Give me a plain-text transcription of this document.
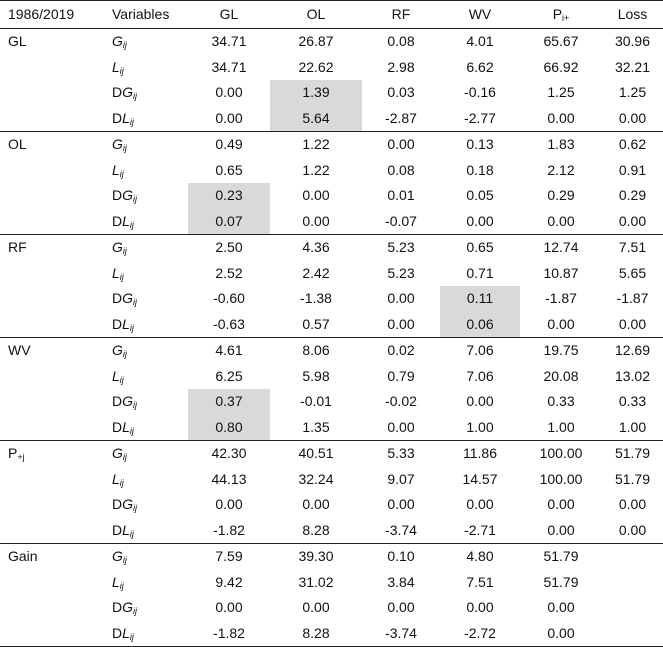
1986/2019	Variables	GL	OL	RF	WV	$P_{i+}$	Loss
GL	$G_{ij}$	34.71	26.87	0.08	4.01	65.67	30.96
	$L_{ij}$	34.71	22.62	2.98	6.62	66.92	32.21
	$DG_{ij}$	0.00	1.39	0.03	-0.16	1.25	1.25
	$DL_{ij}$	0.00	5.64	-2.87	-2.77	0.00	0.00
OL	$G_{ij}$	0.49	1.22	0.00	0.13	1.83	0.62
	$L_{ij}$	0.65	1.22	0.08	0.18	2.12	0.91
	$DG_{ij}$	0.23	0.00	0.01	0.05	0.29	0.29
	$DL_{ij}$	0.07	0.00	-0.07	0.00	0.00	0.00
RF	$G_{ij}$	2.50	4.36	5.23	0.65	12.74	7.51
	$L_{ij}$	2.52	2.42	5.23	0.71	10.87	5.65
	$DG_{ij}$	-0.60	-1.38	0.00	0.11	-1.87	-1.87
	$DL_{ij}$	-0.63	0.57	0.00	0.06	0.00	0.00
WV	$G_{ij}$	4.61	8.06	0.02	7.06	19.75	12.69
	$L_{ij}$	6.25	5.98	0.79	7.06	20.08	13.02
	$DG_{ij}$	0.37	-0.01	-0.02	0.00	0.33	0.33
	$DL_{ij}$	0.80	1.35	0.00	1.00	1.00	1.00
$P_{+j}$	$G_{ij}$	42.30	40.51	5.33	11.86	100.00	51.79
	$L_{ij}$	44.13	32.24	9.07	14.57	100.00	51.79
	$DG_{ij}$	0.00	0.00	0.00	0.00	0.00	0.00
	$DL_{ij}$	-1.82	8.28	-3.74	-2.71	0.00	0.00
Gain	$G_{ij}$	7.59	39.30	0.10	4.80	51.79	
	$L_{ij}$	9.42	31.02	3.84	7.51	51.79	
	$DG_{ij}$	0.00	0.00	0.00	0.00	0.00	
	$DL_{ij}$	-1.82	8.28	-3.74	-2.72	0.00	
